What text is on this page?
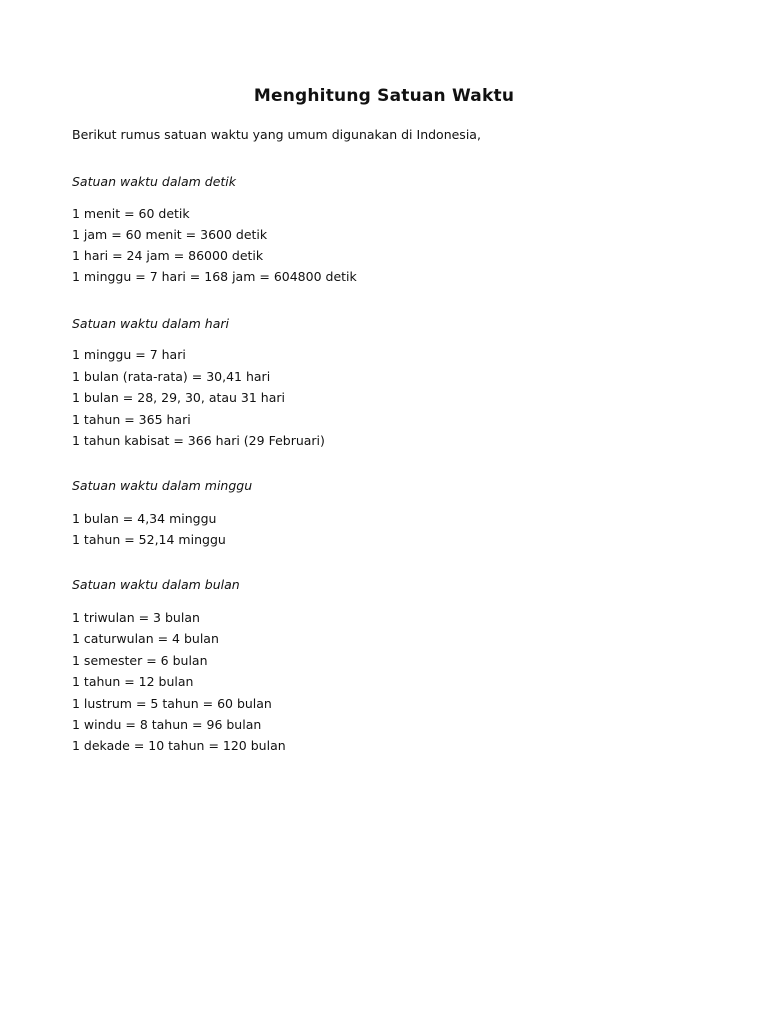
Menghitung Satuan Waktu
Berikut rumus satuan waktu yang umum digunakan di Indonesia,
Satuan waktu dalam detik
1 menit = 60 detik
1 jam = 60 menit = 3600 detik
1 hari = 24 jam = 86000 detik
1 minggu = 7 hari = 168 jam = 604800 detik
Satuan waktu dalam hari
1 minggu = 7 hari
1 bulan (rata-rata) = 30,41 hari
1 bulan = 28, 29, 30, atau 31 hari
1 tahun = 365 hari
1 tahun kabisat = 366 hari (29 Februari)
Satuan waktu dalam minggu
1 bulan = 4,34 minggu
1 tahun = 52,14 minggu
Satuan waktu dalam bulan
1 triwulan = 3 bulan
1 caturwulan = 4 bulan
1 semester = 6 bulan
1 tahun = 12 bulan
1 lustrum = 5 tahun = 60 bulan
1 windu = 8 tahun = 96 bulan
1 dekade = 10 tahun = 120 bulan
